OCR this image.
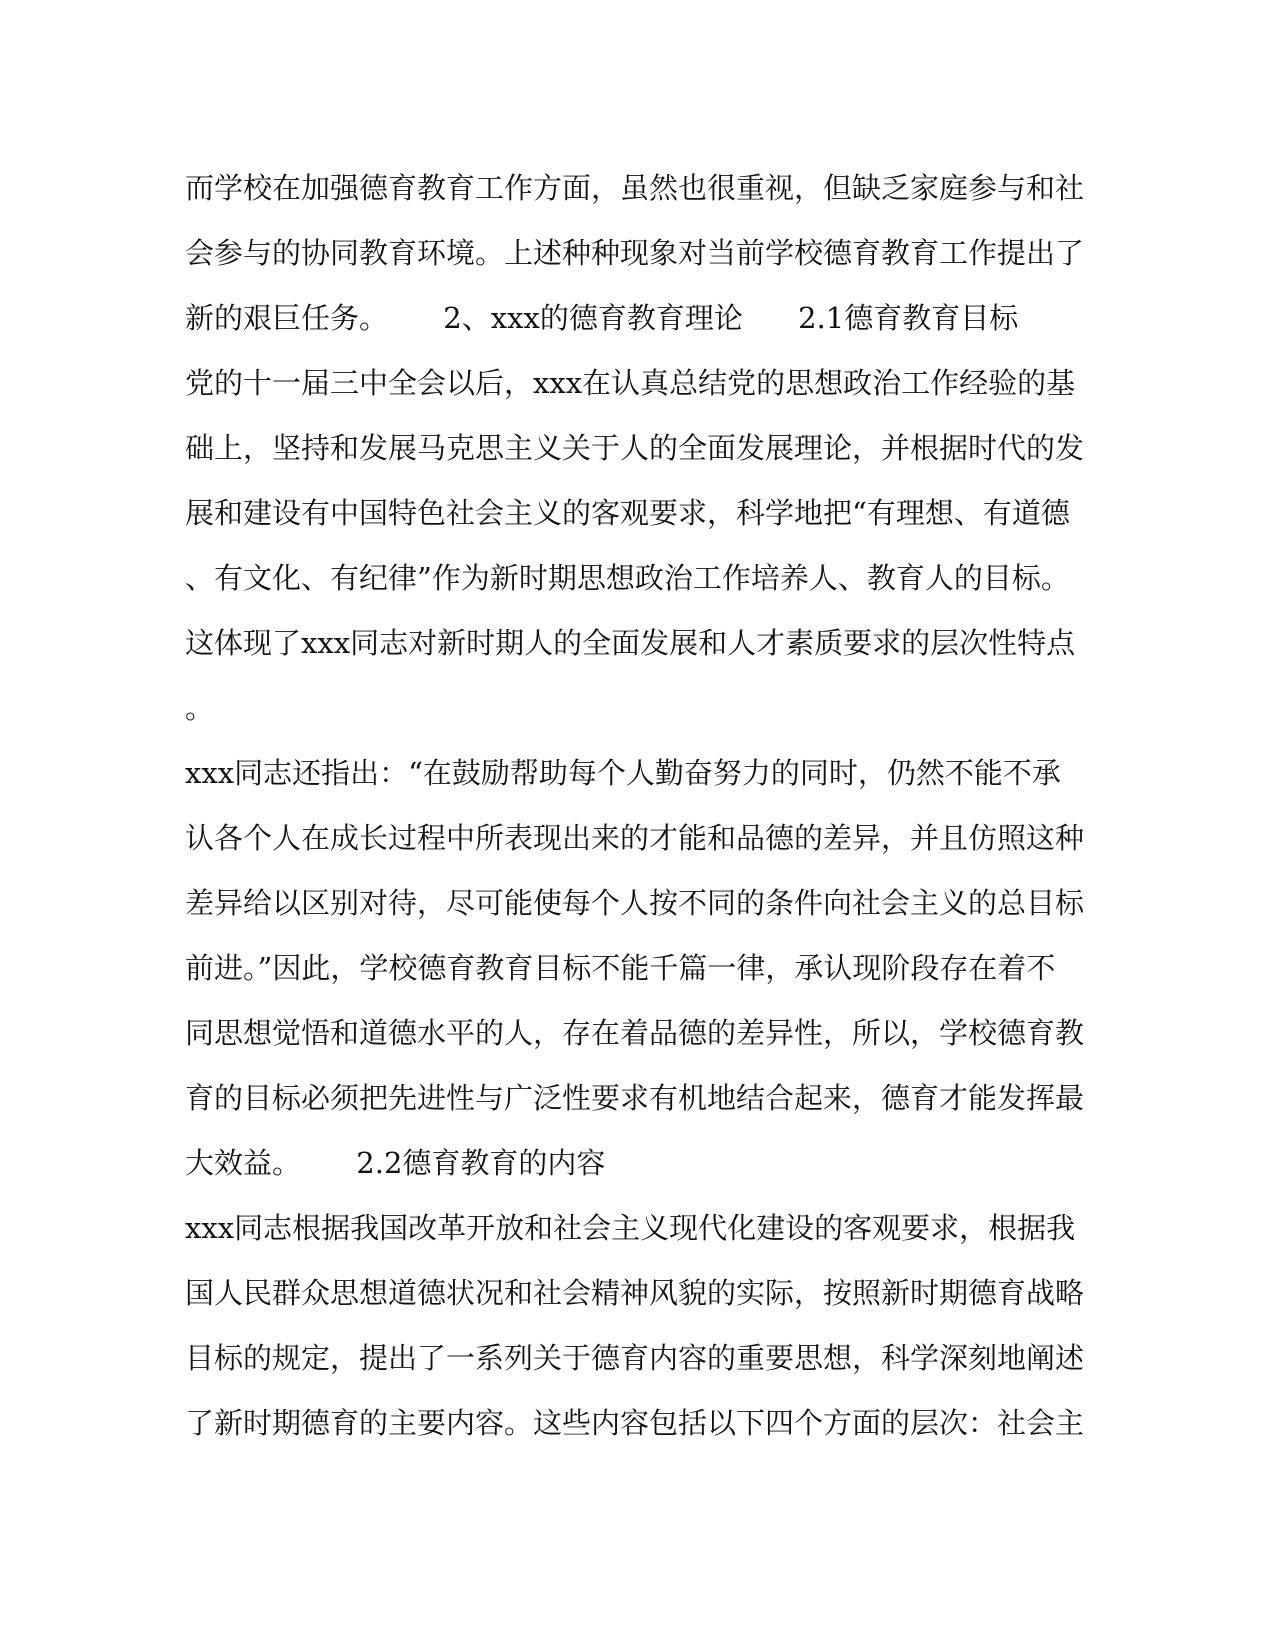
而学校在加强德育教育工作方面，虽然也很重视，但缺乏家庭参与和社
会参与的协同教育环境。上述种种现象对当前学校德育教育工作提出了
新的艰巨任务。      2、xxx的德育教育理论      2.1德育教育目标
党的十一届三中全会以后，xxx在认真总结党的思想政治工作经验的基
础上，坚持和发展马克思主义关于人的全面发展理论，并根据时代的发
展和建设有中国特色社会主义的客观要求，科学地把“有理想、有道德
、有文化、有纪律”作为新时期思想政治工作培养人、教育人的目标。
这体现了xxx同志对新时期人的全面发展和人才素质要求的层次性特点
。
xxx同志还指出：“在鼓励帮助每个人勤奋努力的同时，仍然不能不承
认各个人在成长过程中所表现出来的才能和品德的差异，并且仿照这种
差异给以区别对待，尽可能使每个人按不同的条件向社会主义的总目标
前进。”因此，学校德育教育目标不能千篇一律，承认现阶段存在着不
同思想觉悟和道德水平的人，存在着品德的差异性，所以，学校德育教
育的目标必须把先进性与广泛性要求有机地结合起来，德育才能发挥最
大效益。      2.2德育教育的内容
xxx同志根据我国改革开放和社会主义现代化建设的客观要求，根据我
国人民群众思想道德状况和社会精神风貌的实际，按照新时期德育战略
目标的规定，提出了一系列关于德育内容的重要思想，科学深刻地阐述
了新时期德育的主要内容。这些内容包括以下四个方面的层次：社会主
